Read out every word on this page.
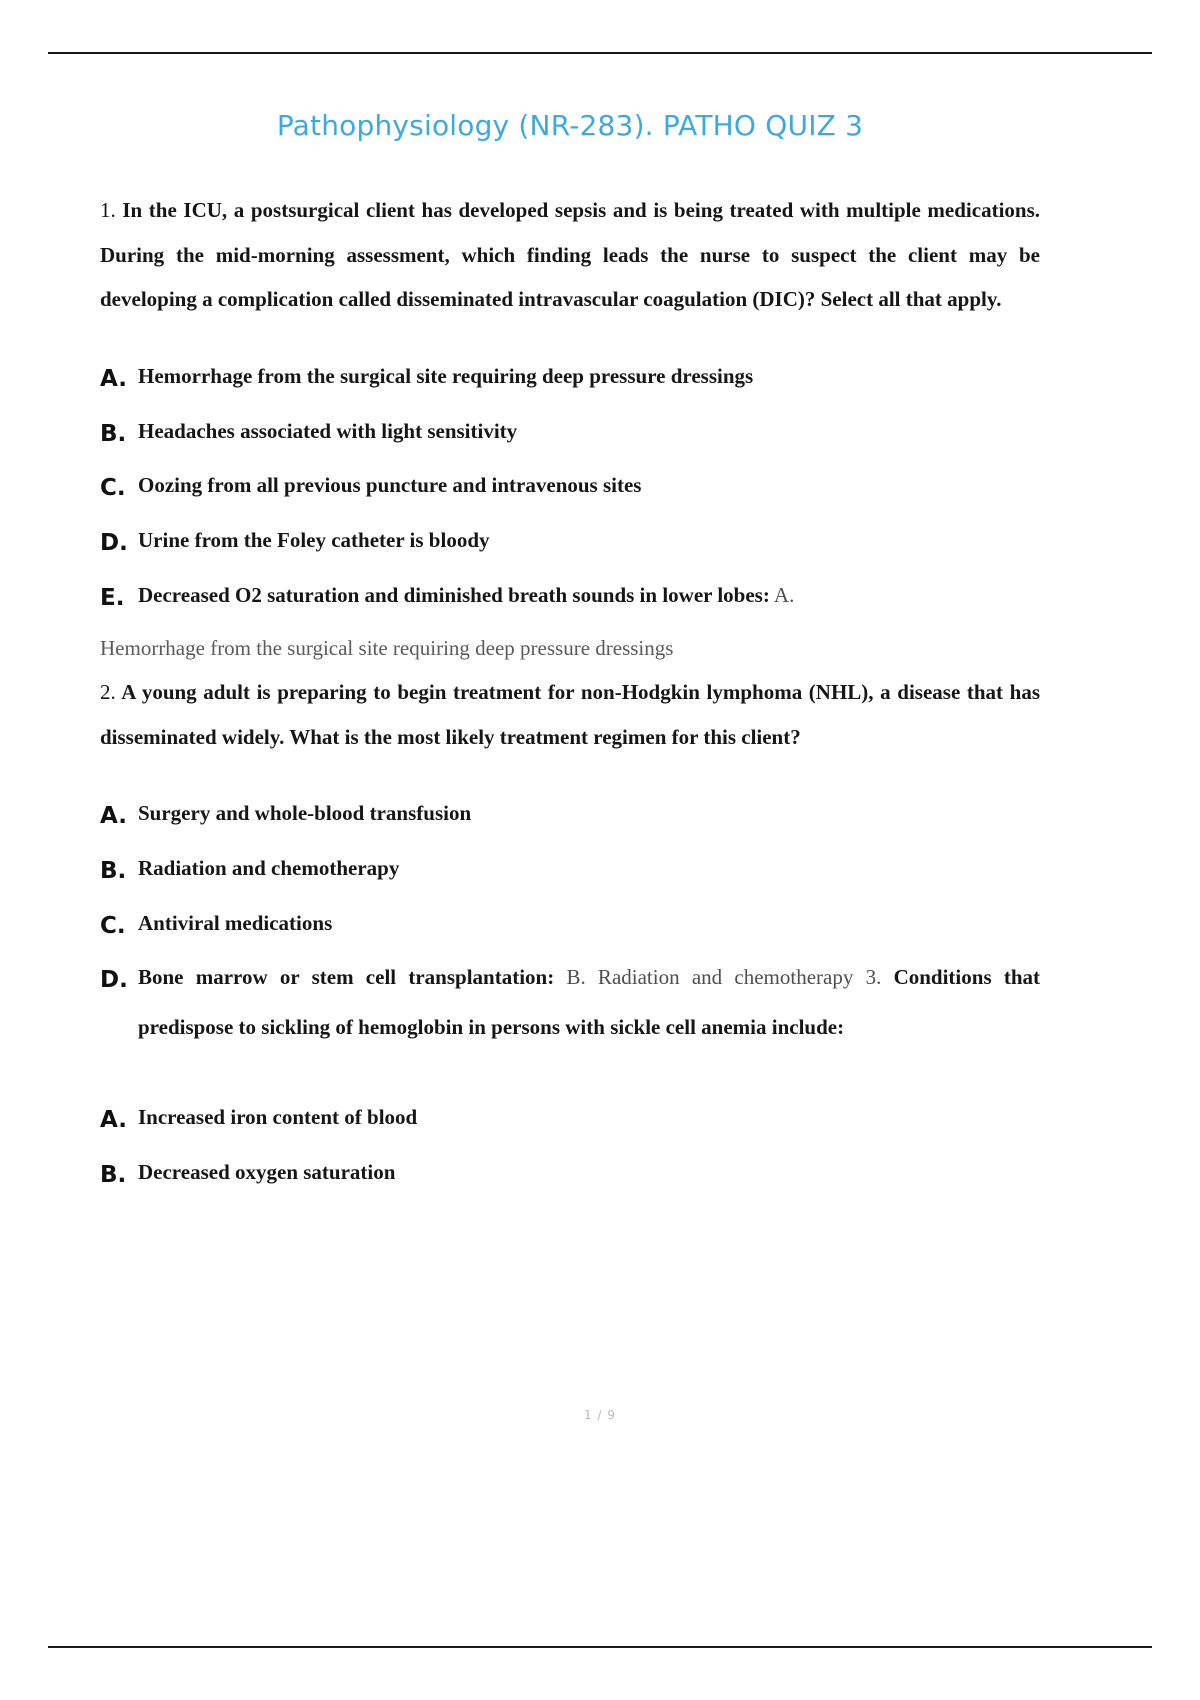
Pathophysiology (NR-283). PATHO QUIZ 3

1. In the ICU, a postsurgical client has developed sepsis and is being treated with multiple medications. During the mid-morning assessment, which finding leads the nurse to suspect the client may be developing a complication called disseminated intravascular coagulation (DIC)? Select all that apply.

A. Hemorrhage from the surgical site requiring deep pressure dressings
B. Headaches associated with light sensitivity
C. Oozing from all previous puncture and intravenous sites
D. Urine from the Foley catheter is bloody
E. Decreased O2 saturation and diminished breath sounds in lower lobes: A.

Hemorrhage from the surgical site requiring deep pressure dressings

2. A young adult is preparing to begin treatment for non-Hodgkin lymphoma (NHL), a disease that has disseminated widely. What is the most likely treatment regimen for this client?

A. Surgery and whole-blood transfusion
B. Radiation and chemotherapy
C. Antiviral medications
D. Bone marrow or stem cell transplantation: B. Radiation and chemotherapy 3. Conditions that predispose to sickling of hemoglobin in persons with sickle cell anemia include:
A. Increased iron content of blood
B. Decreased oxygen saturation
1 / 9
